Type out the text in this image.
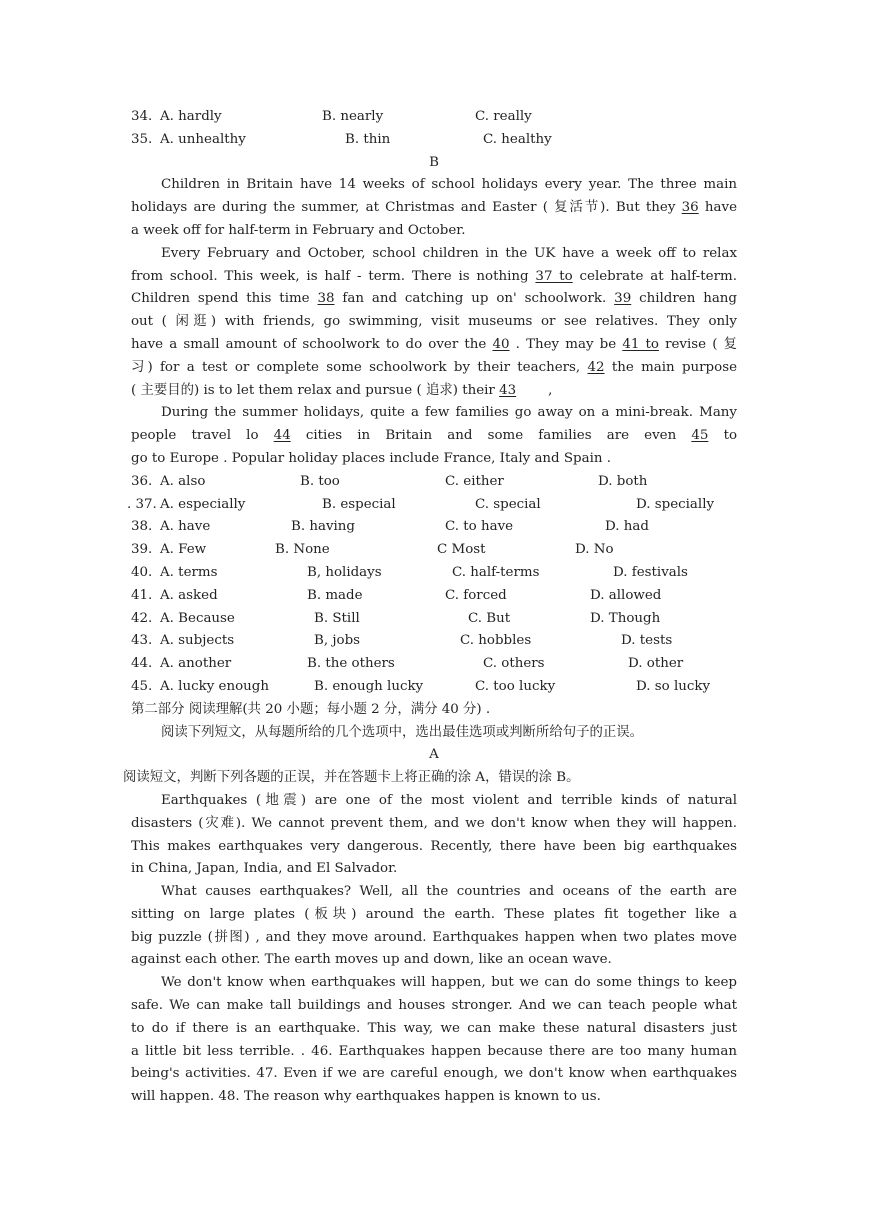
34. A. hardly	B. nearly	C. really
35. A. unhealthy	B. thin	C. healthy
B
Children in Britain have 14 weeks of school holidays every year. The three main
holidays are during the summer, at Christmas and Easter ( 复活节). But they 36 have
a week off for half-term in February and October.
Every February and October, school children in the UK have a week off to relax
from school. This week, is half - term. There is nothing 37 to celebrate at half-term.
Children spend this time 38 fan and catching up on' schoolwork. 39 children hang
out ( 闲逛) with friends, go swimming, visit museums or see relatives. They only
have a small amount of schoolwork to do over the 40 . They may be 41 to revise ( 复
习) for a test or complete some schoolwork by their teachers, 42 the main purpose
( 主要目的) is to let them relax and pursue ( 追求) their 43 ,
During the summer holidays, quite a few families go away on a mini-break. Many
people travel lo 44 cities in Britain and some families are even 45 to
go to Europe . Popular holiday places include France, Italy and Spain .
36. A. also	B. too	C. either	D. both
. 37. A. especially	B. especial	C. special	D. specially
38. A. have	B. having	C. to have	D. had
39. A. Few	B. None	C Most	D. No
40. A. terms	B, holidays	C. half-terms	D. festivals
41. A. asked	B. made	C. forced	D. allowed
42. A. Because	B. Still	C. But	D. Though
43. A. subjects	B, jobs	C. hobbles	D. tests
44. A. another	B. the others	C. others	D. other
45. A. lucky enough	B. enough lucky	C. too lucky	D. so lucky
第二部分 阅读理解(共 20 小题；每小题 2 分，满分 40 分) .
阅读下列短文，从每题所给的几个选项中，选出最佳选项或判断所给句子的正误。
A
阅读短文，判断下列各题的正误，并在答题卡上将正确的涂 A，错误的涂 B。
Earthquakes (地震) are one of the most violent and terrible kinds of natural
disasters (灾难). We cannot prevent them, and we don't know when they will happen.
This makes earthquakes very dangerous. Recently, there have been big earthquakes
in China, Japan, India, and El Salvador.
What causes earthquakes? Well, all the countries and oceans of the earth are
sitting on large plates (板块) around the earth. These plates fit together like a
big puzzle (拼图) , and they move around. Earthquakes happen when two plates move
against each other. The earth moves up and down, like an ocean wave.
We don't know when earthquakes will happen, but we can do some things to keep
safe. We can make tall buildings and houses stronger. And we can teach people what
to do if there is an earthquake. This way, we can make these natural disasters just
a little bit less terrible. . 46. Earthquakes happen because there are too many human
being's activities. 47. Even if we are careful enough, we don't know when earthquakes
will happen. 48. The reason why earthquakes happen is known to us.
